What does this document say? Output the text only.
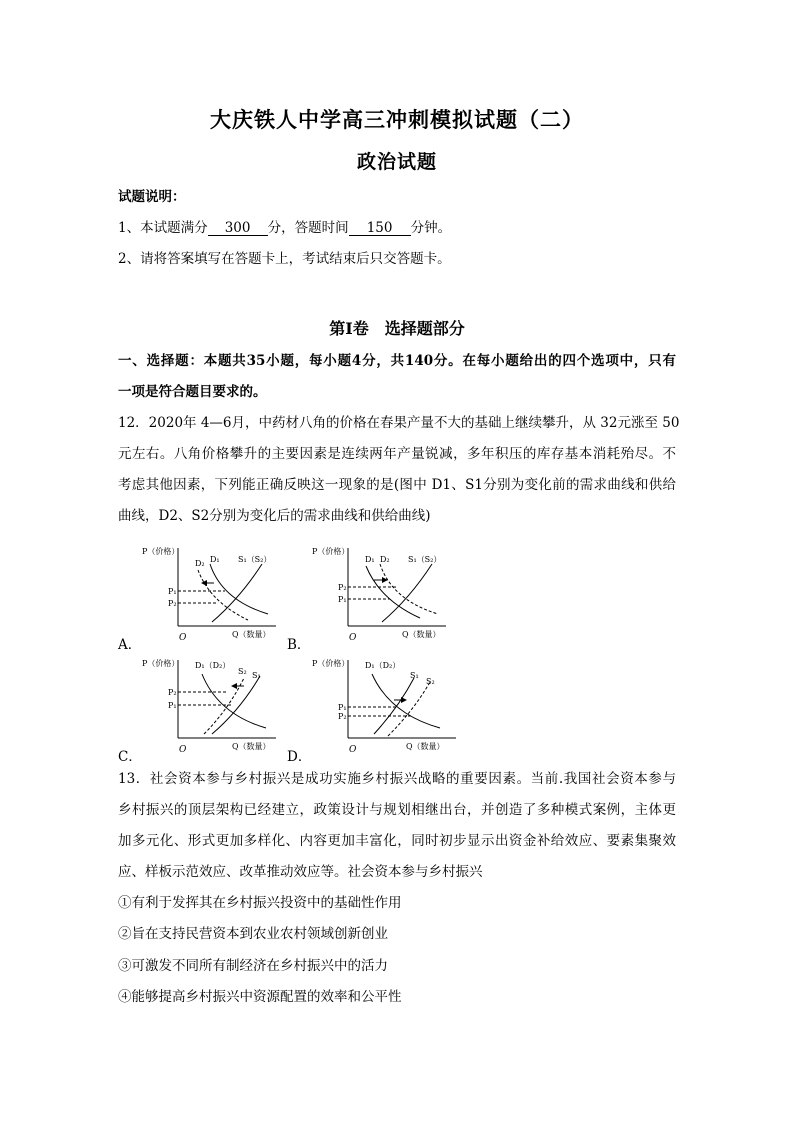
大庆铁人中学高三冲刺模拟试题（二）
政治试题
试题说明：
1、本试题满分 300 分，答题时间 150 分钟。
2、请将答案填写在答题卡上，考试结束后只交答题卡。
第Ⅰ卷　选择题部分
一、选择题：本题共35小题，每小题4分，共140分。在每小题给出的四个选项中，只有
一项是符合题目要求的。
12．2020年 4—6月，中药材八角的价格在春果产量不大的基础上继续攀升，从 32元涨至 50
元左右。八角价格攀升的主要因素是连续两年产量锐减，多年积压的库存基本消耗殆尽。不
考虑其他因素，下列能正确反映这一现象的是(图中 D1、S1分别为变化前的需求曲线和供给
曲线，D2、S2分别为变化后的需求曲线和供给曲线)
P（价格）
O	Q（数量）
P₁
P₂
D₂ D₁ S₁（S₂）
A．
P（价格）
O	Q（数量）
P₂
P₁
D₁ D₂ S₁（S₂）
B．
P（价格）
O	Q（数量）
P₂
P₁
D₁（D₂）
S₂ S₁
C．
P（价格）
O	Q（数量）
P₁
P₂
D₁（D₂）
S₁
S₂
D．
13．社会资本参与乡村振兴是成功实施乡村振兴战略的重要因素。当前.我国社会资本参与
乡村振兴的顶层架构已经建立，政策设计与规划相继出台，并创造了多种模式案例，主体更
加多元化、形式更加多样化、内容更加丰富化，同时初步显示出资金补给效应、要素集聚效
应、样板示范效应、改革推动效应等。社会资本参与乡村振兴
①有利于发挥其在乡村振兴投资中的基础性作用
②旨在支持民营资本到农业农村领域创新创业
③可激发不同所有制经济在乡村振兴中的活力
④能够提高乡村振兴中资源配置的效率和公平性
